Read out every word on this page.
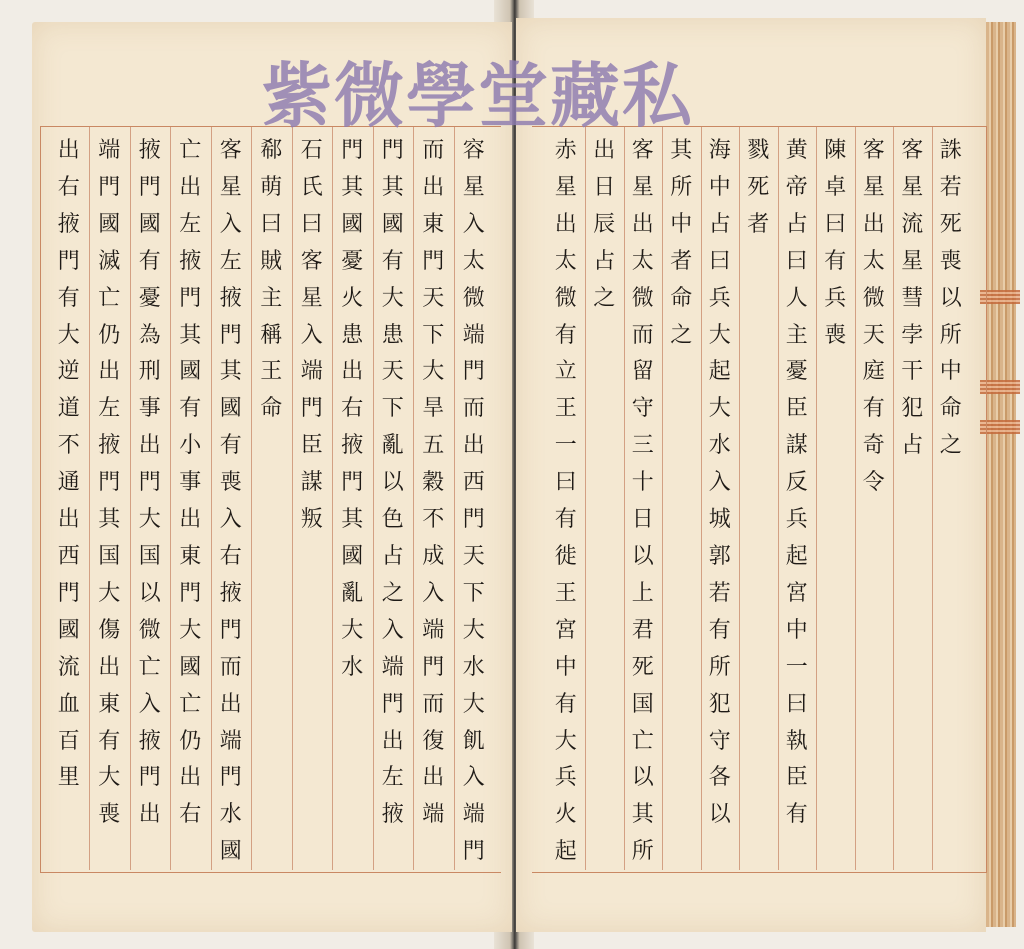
容
星
入
太
微
端
門
而
出
西
門
天
下
大
水
大
飢
入
端
門
而
出
東
門
天
下
大
旱
五
穀
不
成
入
端
門
而
復
出
端
門
其
國
有
大
患
天
下
亂
以
色
占
之
入
端
門
出
左
掖
門
其
國
憂
火
患
出
右
掖
門
其
國
亂
大
水
石
氏
曰
客
星
入
端
門
臣
謀
叛
郗
萌
曰
賊
主
稱
王
命
客
星
入
左
掖
門
其
國
有
喪
入
右
掖
門
而
出
端
門
水
國
亡
出
左
掖
門
其
國
有
小
事
出
東
門
大
國
亡
仍
出
右
掖
門
國
有
憂
為
刑
事
出
門
大
国
以
微
亡
入
掖
門
出
端
門
國
滅
亡
仍
出
左
掖
門
其
国
大
傷
出
東
有
大
喪
出
右
掖
門
有
大
逆
道
不
通
出
西
門
國
流
血
百
里
誅
若
死
喪
以
所
中
命
之
客
星
流
星
彗
孛
干
犯
占
客
星
出
太
微
天
庭
有
奇
令
陳
卓
曰
有
兵
喪
黄
帝
占
曰
人
主
憂
臣
謀
反
兵
起
宮
中
一
曰
執
臣
有
戮
死
者
海
中
占
曰
兵
大
起
大
水
入
城
郭
若
有
所
犯
守
各
以
其
所
中
者
命
之
客
星
出
太
微
而
留
守
三
十
日
以
上
君
死
国
亡
以
其
所
出
日
辰
占
之
赤
星
出
太
微
有
立
王
一
曰
有
徙
王
宮
中
有
大
兵
火
起
紫微學堂藏私
